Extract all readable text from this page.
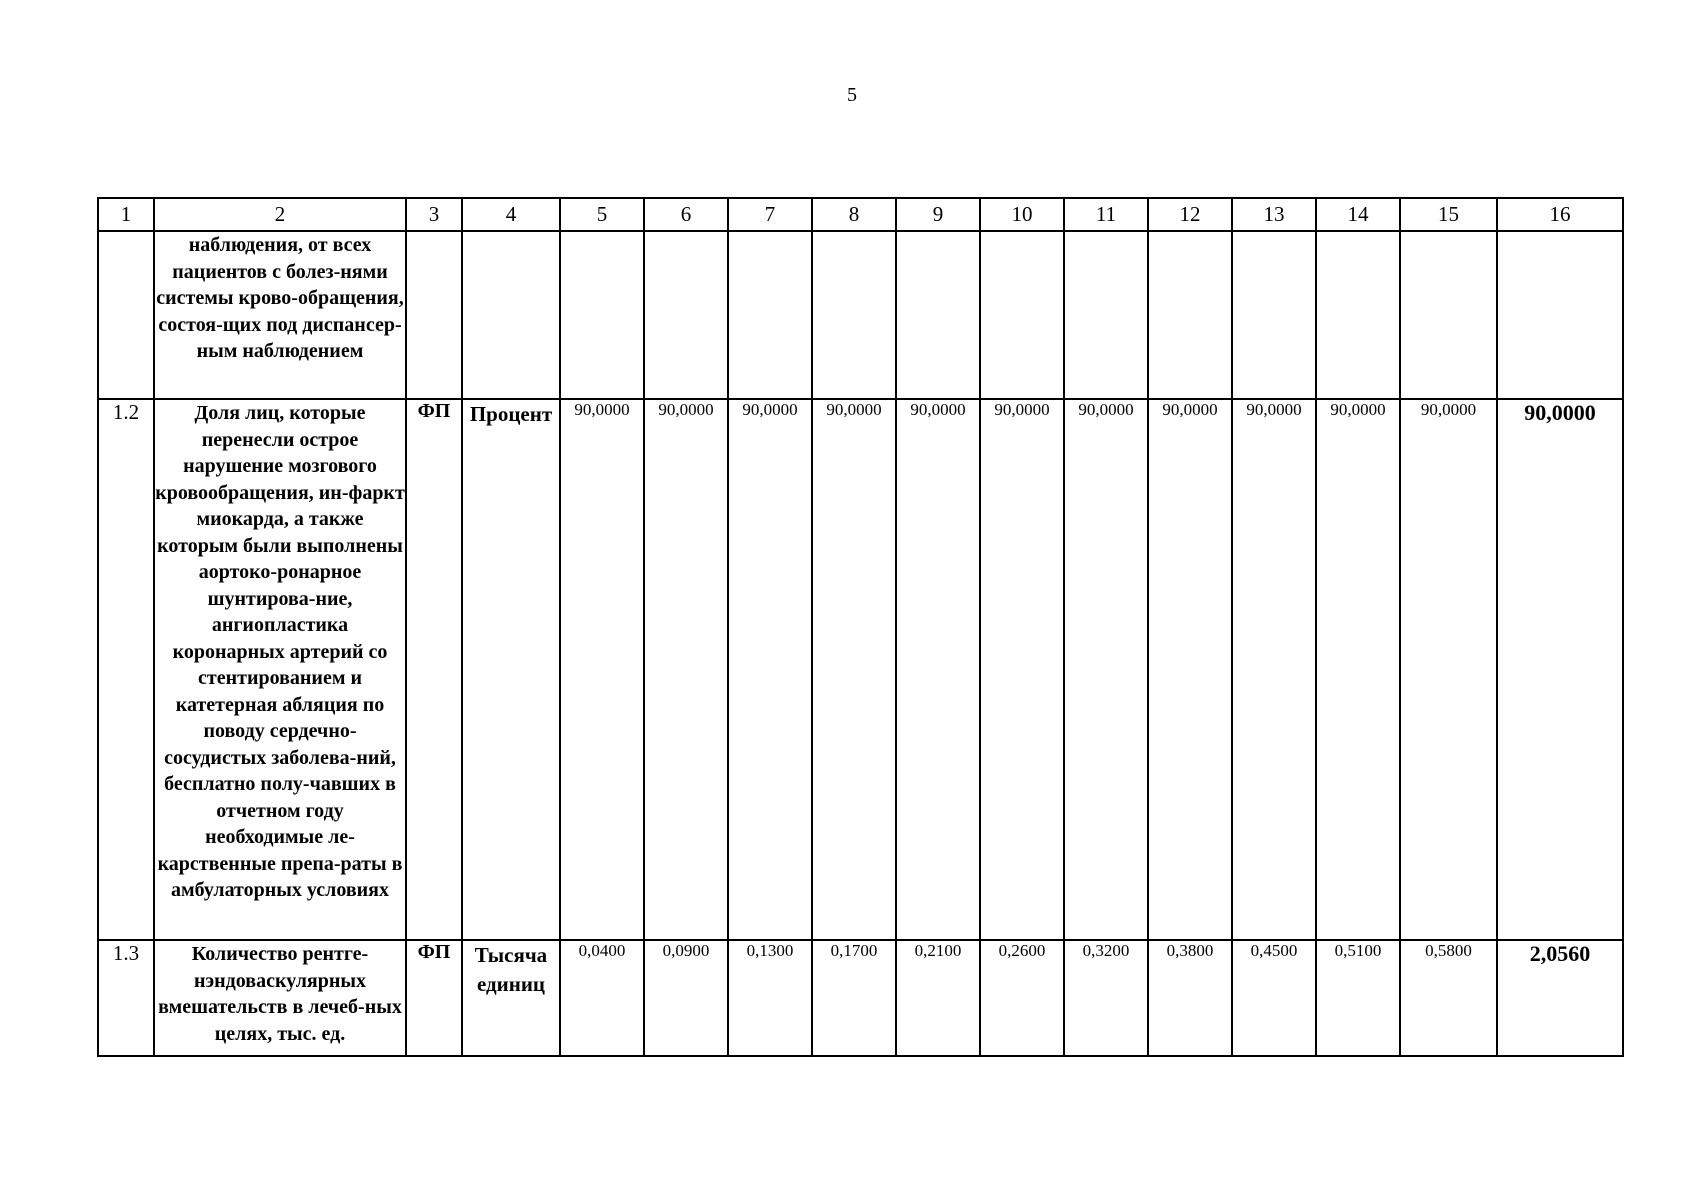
5
1	2	3	4	5	6	7	8	9	10	11	12	13	14	15	16
	наблюдения, от всех пациентов с болез-нями системы крово-обращения, состоя-щих под диспансер-ным наблюдением														
1.2	Доля лиц, которые перенесли острое нарушение мозгового кровообращения, ин-фаркт миокарда, а также которым были выполнены аортоко-ронарное шунтирова-ние, ангиопластика коронарных артерий со стентированием и катетерная абляция по поводу сердечно-сосудистых заболева-ний, бесплатно полу-чавших в отчетном году необходимые ле-карственные препа-раты в амбулаторных условиях	ФП	Процент	90,0000	90,0000	90,0000	90,0000	90,0000	90,0000	90,0000	90,0000	90,0000	90,0000	90,0000	90,0000
1.3	Количество рентге-нэндоваскулярных вмешательств в лечеб-ных целях, тыс. ед.	ФП	Тысяча единиц	0,0400	0,0900	0,1300	0,1700	0,2100	0,2600	0,3200	0,3800	0,4500	0,5100	0,5800	2,0560
